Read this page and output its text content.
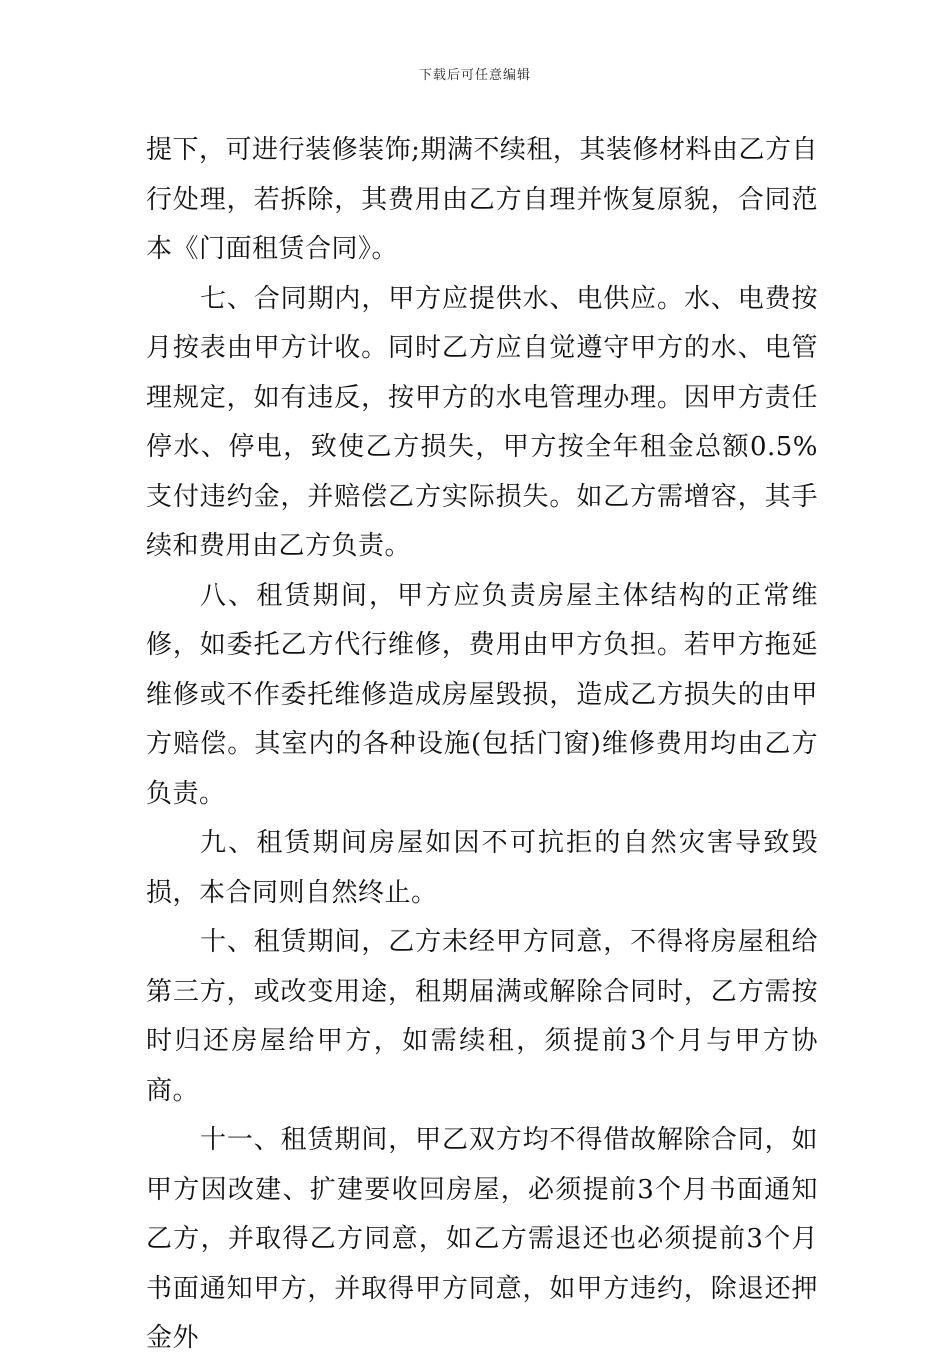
下载后可任意编辑

提下，可进行装修装饰;期满不续租，其装修材料由乙方自行处理，若拆除，其费用由乙方自理并恢复原貌，合同范本《门面租赁合同》。

七、合同期内，甲方应提供水、电供应。水、电费按月按表由甲方计收。同时乙方应自觉遵守甲方的水、电管理规定，如有违反，按甲方的水电管理办理。因甲方责任停水、停电，致使乙方损失，甲方按全年租金总额0.5%支付违约金，并赔偿乙方实际损失。如乙方需增容，其手续和费用由乙方负责。

八、租赁期间，甲方应负责房屋主体结构的正常维修，如委托乙方代行维修，费用由甲方负担。若甲方拖延维修或不作委托维修造成房屋毁损，造成乙方损失的由甲方赔偿。其室内的各种设施(包括门窗)维修费用均由乙方负责。

九、租赁期间房屋如因不可抗拒的自然灾害导致毁损，本合同则自然终止。

十、租赁期间，乙方未经甲方同意，不得将房屋租给第三方，或改变用途，租期届满或解除合同时，乙方需按时归还房屋给甲方，如需续租，须提前3个月与甲方协商。

十一、租赁期间，甲乙双方均不得借故解除合同，如甲方因改建、扩建要收回房屋，必须提前3个月书面通知乙方，并取得乙方同意，如乙方需退还也必须提前3个月书面通知甲方，并取得甲方同意，如甲方违约，除退还押金外
